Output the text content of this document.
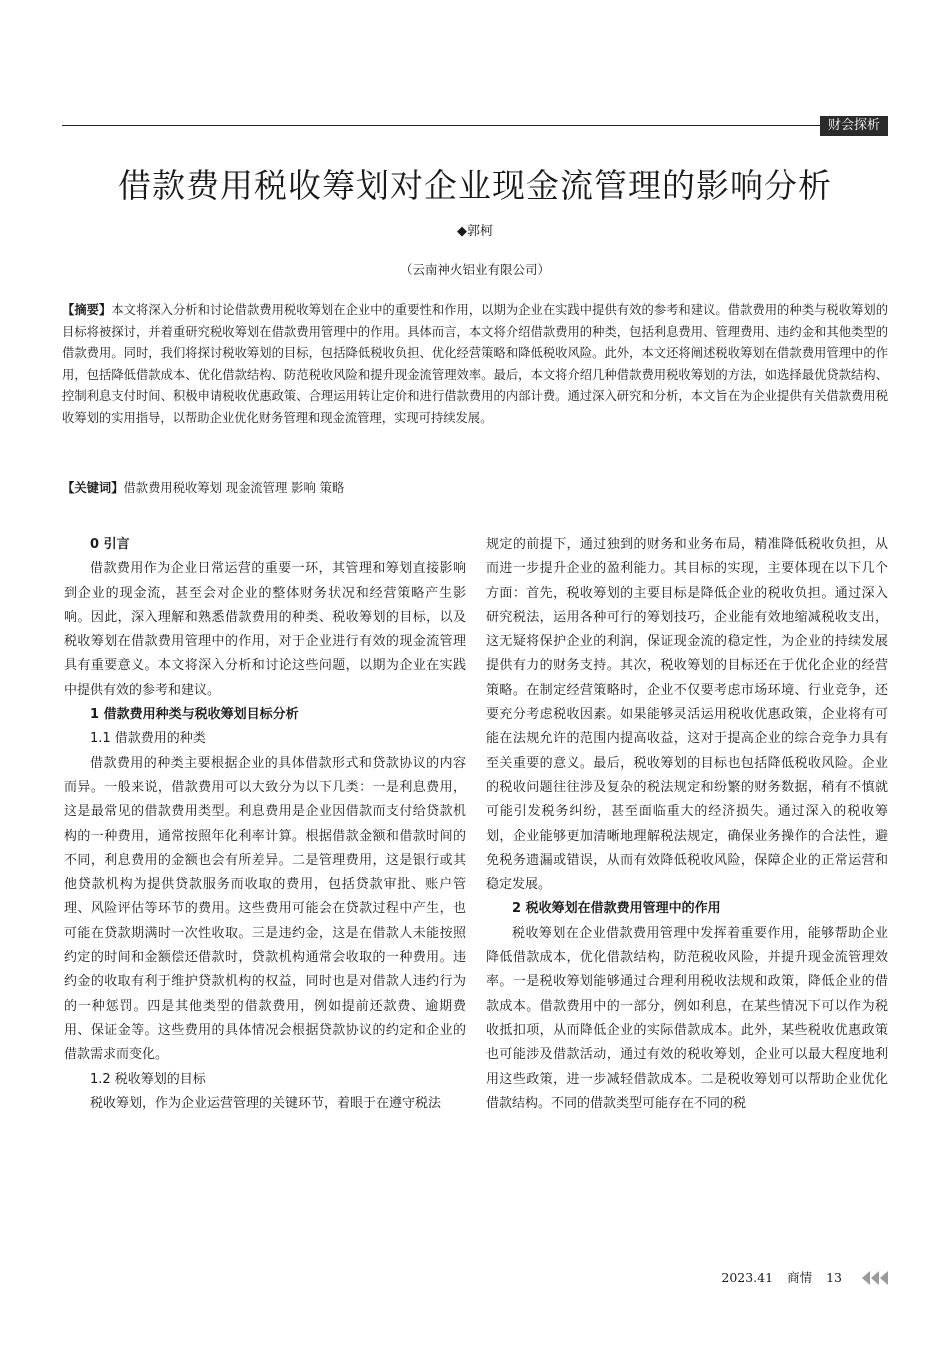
财会探析
借款费用税收筹划对企业现金流管理的影响分析
◆郭柯
（云南神火铝业有限公司）
【摘要】本文将深入分析和讨论借款费用税收筹划在企业中的重要性和作用，以期为企业在实践中提供有效的参考和建议。借款费用的种类与税收筹划的目标将被探讨，并着重研究税收筹划在借款费用管理中的作用。具体而言，本文将介绍借款费用的种类，包括利息费用、管理费用、违约金和其他类型的借款费用。同时，我们将探讨税收筹划的目标，包括降低税收负担、优化经营策略和降低税收风险。此外，本文还将阐述税收筹划在借款费用管理中的作用，包括降低借款成本、优化借款结构、防范税收风险和提升现金流管理效率。最后，本文将介绍几种借款费用税收筹划的方法，如选择最优贷款结构、控制利息支付时间、积极申请税收优惠政策、合理运用转让定价和进行借款费用的内部计费。通过深入研究和分析，本文旨在为企业提供有关借款费用税收筹划的实用指导，以帮助企业优化财务管理和现金流管理，实现可持续发展。
【关键词】借款费用税收筹划 现金流管理 影响 策略
0 引言

借款费用作为企业日常运营的重要一环，其管理和筹划直接影响到企业的现金流，甚至会对企业的整体财务状况和经营策略产生影响。因此，深入理解和熟悉借款费用的种类、税收筹划的目标，以及税收筹划在借款费用管理中的作用，对于企业进行有效的现金流管理具有重要意义。本文将深入分析和讨论这些问题，以期为企业在实践中提供有效的参考和建议。

1 借款费用种类与税收筹划目标分析
1.1 借款费用的种类

借款费用的种类主要根据企业的具体借款形式和贷款协议的内容而异。一般来说，借款费用可以大致分为以下几类：一是利息费用，这是最常见的借款费用类型。利息费用是企业因借款而支付给贷款机构的一种费用，通常按照年化利率计算。根据借款金额和借款时间的不同，利息费用的金额也会有所差异。二是管理费用，这是银行或其他贷款机构为提供贷款服务而收取的费用，包括贷款审批、账户管理、风险评估等环节的费用。这些费用可能会在贷款过程中产生，也可能在贷款期满时一次性收取。三是违约金，这是在借款人未能按照约定的时间和金额偿还借款时，贷款机构通常会收取的一种费用。违约金的收取有利于维护贷款机构的权益，同时也是对借款人违约行为的一种惩罚。四是其他类型的借款费用，例如提前还款费、逾期费用、保证金等。这些费用的具体情况会根据贷款协议的约定和企业的借款需求而变化。

1.2 税收筹划的目标

税收筹划，作为企业运营管理的关键环节，着眼于在遵守税法

规定的前提下，通过独到的财务和业务布局，精准降低税收负担，从而进一步提升企业的盈利能力。其目标的实现，主要体现在以下几个方面：首先，税收筹划的主要目标是降低企业的税收负担。通过深入研究税法，运用各种可行的筹划技巧，企业能有效地缩减税收支出，这无疑将保护企业的利润，保证现金流的稳定性，为企业的持续发展提供有力的财务支持。其次，税收筹划的目标还在于优化企业的经营策略。在制定经营策略时，企业不仅要考虑市场环境、行业竞争，还要充分考虑税收因素。如果能够灵活运用税收优惠政策，企业将有可能在法规允许的范围内提高收益，这对于提高企业的综合竞争力具有至关重要的意义。最后，税收筹划的目标也包括降低税收风险。企业的税收问题往往涉及复杂的税法规定和纷繁的财务数据，稍有不慎就可能引发税务纠纷，甚至面临重大的经济损失。通过深入的税收筹划，企业能够更加清晰地理解税法规定，确保业务操作的合法性，避免税务遗漏或错误，从而有效降低税收风险，保障企业的正常运营和稳定发展。

2 税收筹划在借款费用管理中的作用

税收筹划在企业借款费用管理中发挥着重要作用，能够帮助企业降低借款成本，优化借款结构，防范税收风险，并提升现金流管理效率。一是税收筹划能够通过合理利用税收法规和政策，降低企业的借款成本。借款费用中的一部分，例如利息，在某些情况下可以作为税收抵扣项，从而降低企业的实际借款成本。此外，某些税收优惠政策也可能涉及借款活动，通过有效的税收筹划，企业可以最大程度地利用这些政策，进一步减轻借款成本。二是税收筹划可以帮助企业优化借款结构。不同的借款类型可能存在不同的税

2023.41 商情 13
